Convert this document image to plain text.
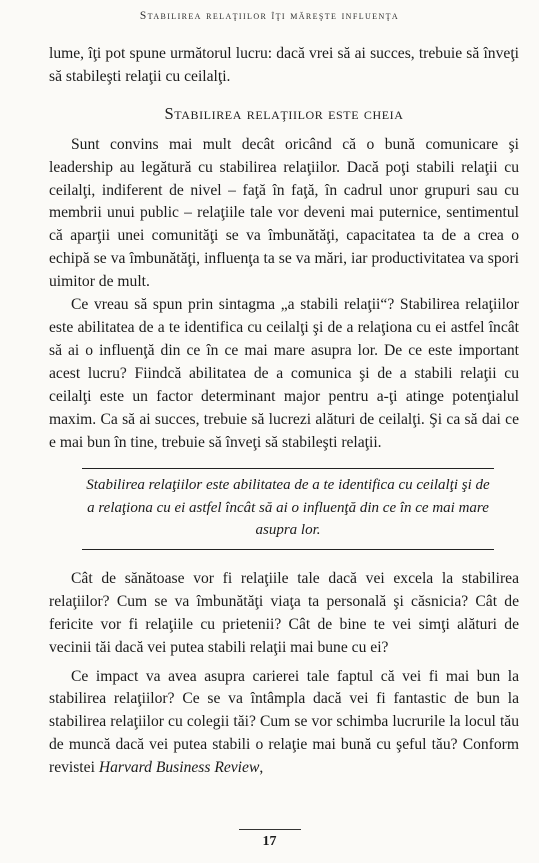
Stabilirea relaţiilor îţi măreşte influenţa

lume, îţi pot spune următorul lucru: dacă vrei să ai succes, trebuie să înveţi să stabileşti relaţii cu ceilalţi.

Stabilirea relaţiilor este cheia

Sunt convins mai mult decât oricând că o bună comunicare şi leadership au legătură cu stabilirea relaţiilor. Dacă poţi stabili relaţii cu ceilalţi, indiferent de nivel – faţă în faţă, în cadrul unor grupuri sau cu membrii unui public – relaţiile tale vor deveni mai puternice, sentimentul că aparţii unei comunităţi se va îmbunătăţi, capacitatea ta de a crea o echipă se va îmbunătăţi, influenţa ta se va mări, iar productivitatea va spori uimitor de mult.

Ce vreau să spun prin sintagma „a stabili relaţii“? Stabilirea relaţiilor este abilitatea de a te identifica cu ceilalţi şi de a relaţiona cu ei astfel încât să ai o influenţă din ce în ce mai mare asupra lor. De ce este important acest lucru? Fiindcă abilitatea de a comunica şi de a stabili relaţii cu ceilalţi este un factor determinant major pentru a-ţi atinge potenţialul maxim. Ca să ai succes, trebuie să lucrezi alături de ceilalţi. Şi ca să dai ce e mai bun în tine, trebuie să înveţi să stabileşti relaţii.

Stabilirea relaţiilor este abilitatea de a te identifica cu ceilalţi şi de a relaţiona cu ei astfel încât să ai o influenţă din ce în ce mai mare asupra lor.

Cât de sănătoase vor fi relaţiile tale dacă vei excela la stabilirea relaţiilor? Cum se va îmbunătăţi viaţa ta personală şi căsnicia? Cât de fericite vor fi relaţiile cu prietenii? Cât de bine te vei simţi alături de vecinii tăi dacă vei putea stabili relaţii mai bune cu ei?

Ce impact va avea asupra carierei tale faptul că vei fi mai bun la stabilirea relaţiilor? Ce se va întâmpla dacă vei fi fantastic de bun la stabilirea relaţiilor cu colegii tăi? Cum se vor schimba lucrurile la locul tău de muncă dacă vei putea stabili o relaţie mai bună cu şeful tău? Conform revistei Harvard Business Review,

17
